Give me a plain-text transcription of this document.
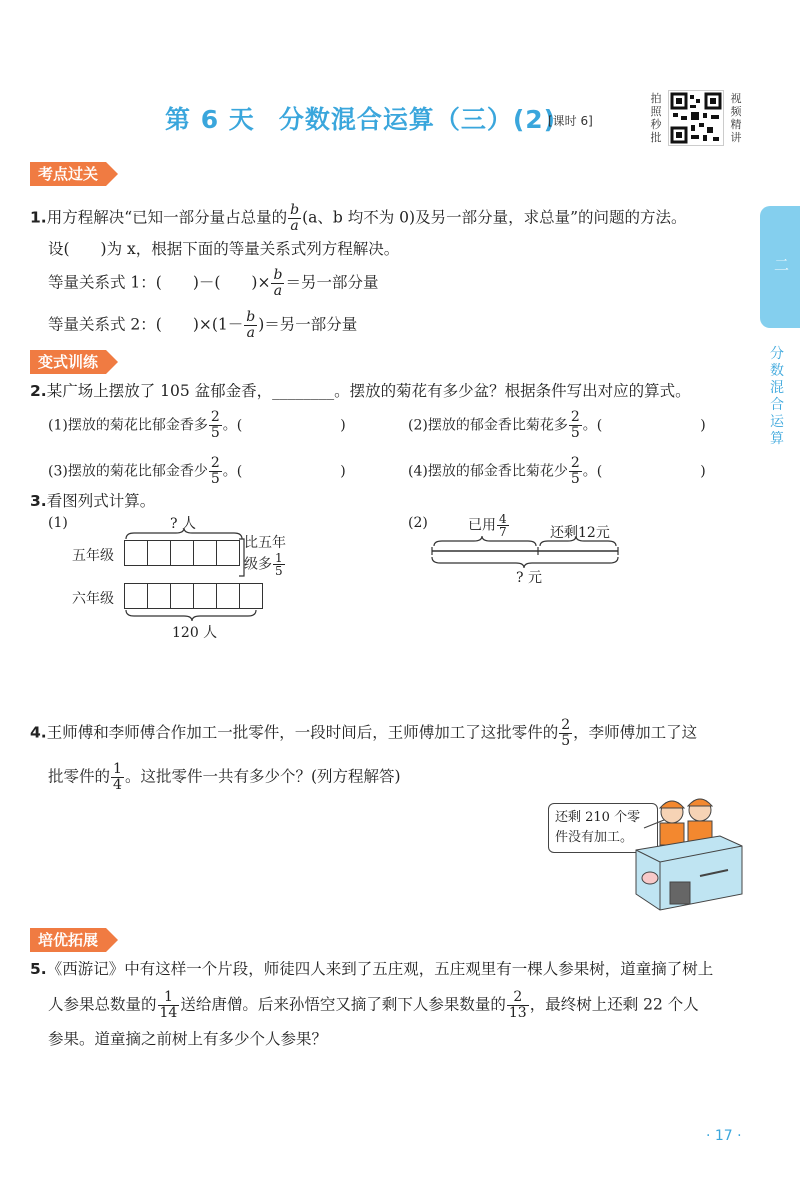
第 6 天 分数混合运算（三）(2)
[课时 6]
拍照秒批
视频精讲
二
分数混合运算
考点过关
1.用方程解决“已知一部分量占总量的 $\frac{b}{a} (a$、b 均不为 0)及另一部分量，求总量”的问题的方法。
设(　　)为 x，根据下面的等量关系式列方程解决。
等量关系式 1：(　　)－(　　)× $\frac{b}{a}$ ＝另一部分量
等量关系式 2：(　　)$\times(1- \frac{b}{a}$ )＝另一部分量
变式训练
2.某广场上摆放了 105 盆郁金香，________。摆放的菊花有多少盆？根据条件写出对应的算式。
(1)摆放的菊花比郁金香多 $\frac{2}{5}$ 。(　　　　　　　)	(2)摆放的郁金香比菊花多 $\frac{2}{5}$ 。(　　　　　　　)
(3)摆放的菊花比郁金香少 $\frac{2}{5}$ 。(　　　　　　　)	(4)摆放的郁金香比菊花少 $\frac{2}{5}$ 。(　　　　　　　)
3.看图列式计算。
(1)	? 人
五年级
比五年
级多 $\frac{1}{5}$
六年级
120 人
(2)	已用 $\frac{4}{7}$	还剩12元
? 元
4.王师傅和李师傅合作加工一批零件，一段时间后，王师傅加工了这批零件的 $\frac{2}{5}$ ，李师傅加工了这
批零件的 $\frac{1}{4}$ 。这批零件一共有多少个？(列方程解答)
还剩 210 个零件没有加工。
培优拓展
5.《西游记》中有这样一个片段，师徒四人来到了五庄观，五庄观里有一棵人参果树，道童摘了树上
人参果总数量的 $\frac{1}{14}$ 送给唐僧。后来孙悟空又摘了剩下人参果数量的 $\frac{2}{13}$ ，最终树上还剩 22 个人
参果。道童摘之前树上有多少个人参果？
· 17 ·
